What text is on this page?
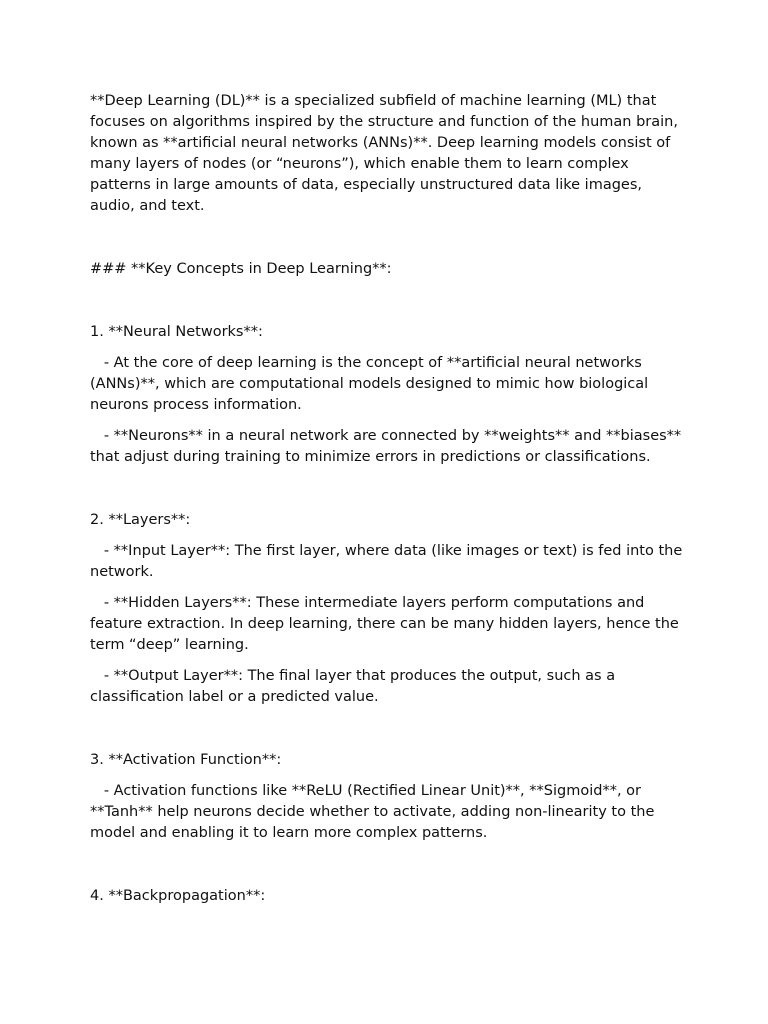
**Deep Learning (DL)** is a specialized subfield of machine learning (ML) that focuses on algorithms inspired by the structure and function of the human brain, known as **artificial neural networks (ANNs)**. Deep learning models consist of many layers of nodes (or “neurons”), which enable them to learn complex patterns in large amounts of data, especially unstructured data like images, audio, and text.

### **Key Concepts in Deep Learning**:

1. **Neural Networks**:

- At the core of deep learning is the concept of **artificial neural networks (ANNs)**, which are computational models designed to mimic how biological neurons process information.

- **Neurons** in a neural network are connected by **weights** and **biases** that adjust during training to minimize errors in predictions or classifications.

2. **Layers**:

- **Input Layer**: The first layer, where data (like images or text) is fed into the network.

- **Hidden Layers**: These intermediate layers perform computations and feature extraction. In deep learning, there can be many hidden layers, hence the term “deep” learning.

- **Output Layer**: The final layer that produces the output, such as a classification label or a predicted value.

3. **Activation Function**:

- Activation functions like **ReLU (Rectified Linear Unit)**, **Sigmoid**, or **Tanh** help neurons decide whether to activate, adding non-linearity to the model and enabling it to learn more complex patterns.

4. **Backpropagation**:
